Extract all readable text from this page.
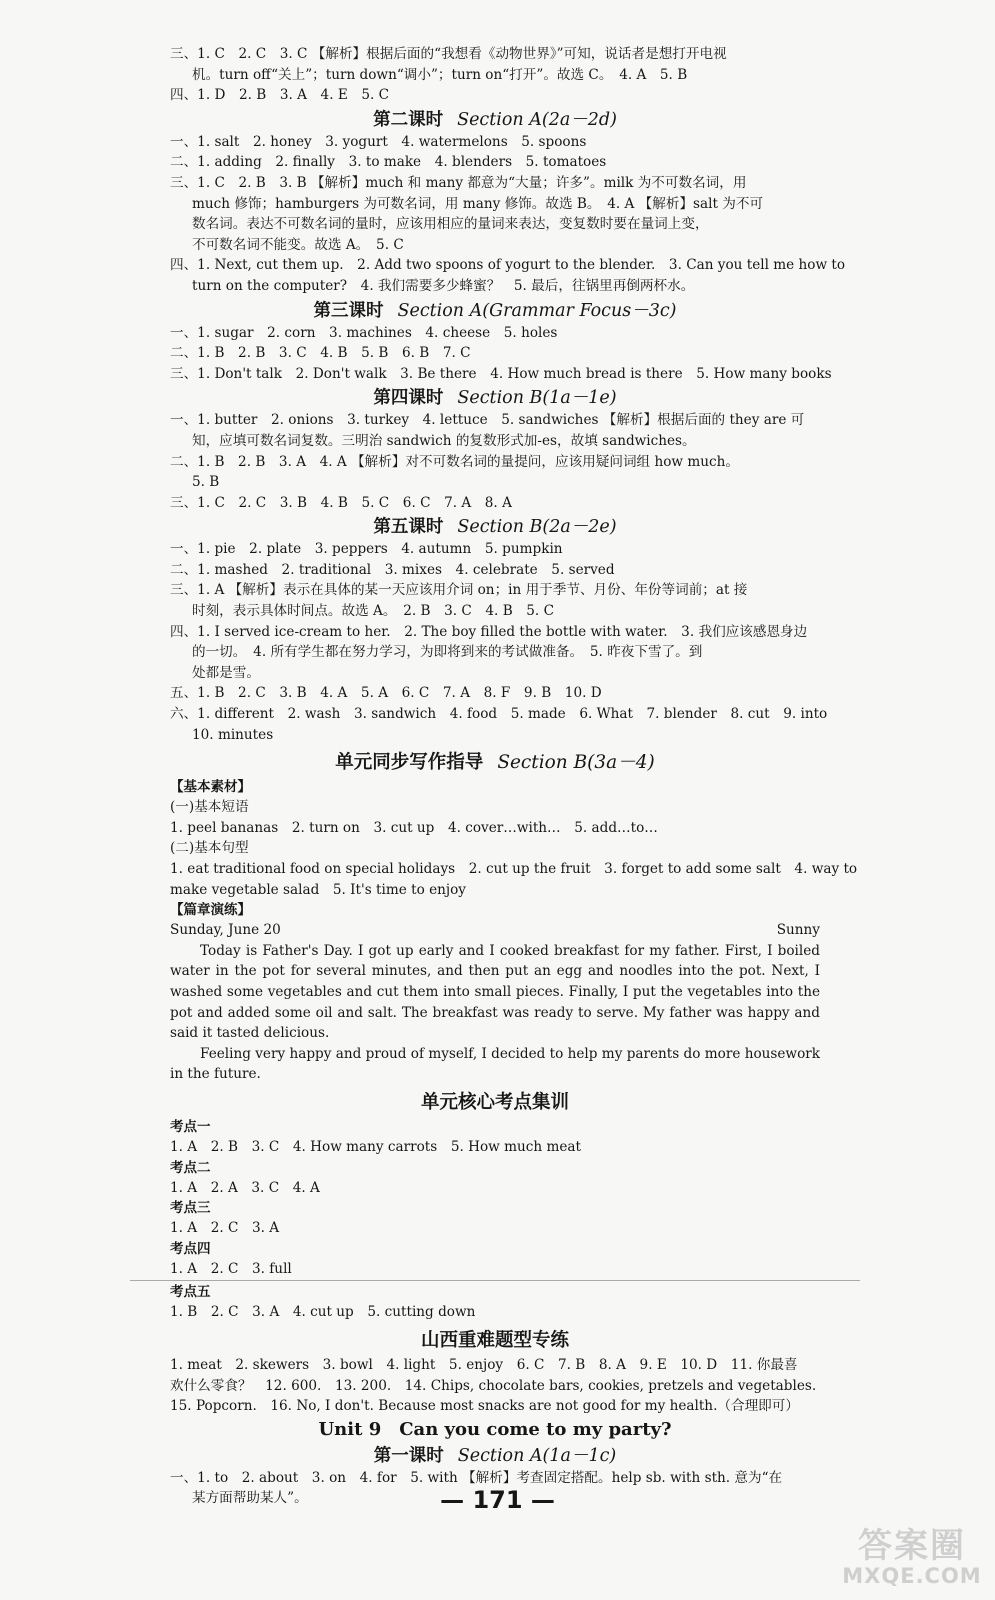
三、1. C　2. C　3. C 【解析】根据后面的“我想看《动物世界》”可知，说话者是想打开电视
机。turn off“关上”；turn down“调小”；turn on“打开”。故选 C。　4. A　5. B
四、1. D　2. B　3. A　4. E　5. C
第二课时 Section A(2a－2d)
一、1. salt　2. honey　3. yogurt　4. watermelons　5. spoons
二、1. adding　2. finally　3. to make　4. blenders　5. tomatoes
三、1. C　2. B　3. B 【解析】much 和 many 都意为“大量；许多”。milk 为不可数名词，用
much 修饰；hamburgers 为可数名词，用 many 修饰。故选 B。　4. A 【解析】salt 为不可
数名词。表达不可数名词的量时，应该用相应的量词来表达，变复数时要在量词上变，
不可数名词不能变。故选 A。　5. C
四、1. Next, cut them up.　2. Add two spoons of yogurt to the blender.　3. Can you tell me how to
turn on the computer?　4. 我们需要多少蜂蜜？　5. 最后，往锅里再倒两杯水。
第三课时 Section A(Grammar Focus－3c)
一、1. sugar　2. corn　3. machines　4. cheese　5. holes
二、1. B　2. B　3. C　4. B　5. B　6. B　7. C
三、1. Don't talk　2. Don't walk　3. Be there　4. How much bread is there　5. How many books
第四课时 Section B(1a－1e)
一、1. butter　2. onions　3. turkey　4. lettuce　5. sandwiches 【解析】根据后面的 they are 可
知，应填可数名词复数。三明治 sandwich 的复数形式加-es，故填 sandwiches。
二、1. B　2. B　3. A　4. A 【解析】对不可数名词的量提问，应该用疑问词组 how much。
5. B
三、1. C　2. C　3. B　4. B　5. C　6. C　7. A　8. A
第五课时 Section B(2a－2e)
一、1. pie　2. plate　3. peppers　4. autumn　5. pumpkin
二、1. mashed　2. traditional　3. mixes　4. celebrate　5. served
三、1. A 【解析】表示在具体的某一天应该用介词 on；in 用于季节、月份、年份等词前；at 接
时刻，表示具体时间点。故选 A。　2. B　3. C　4. B　5. C
四、1. I served ice-cream to her.　2. The boy filled the bottle with water.　3. 我们应该感恩身边
的一切。　4. 所有学生都在努力学习，为即将到来的考试做准备。　5. 昨夜下雪了。到
处都是雪。
五、1. B　2. C　3. B　4. A　5. A　6. C　7. A　8. F　9. B　10. D
六、1. different　2. wash　3. sandwich　4. food　5. made　6. What　7. blender　8. cut　9. into
10. minutes
单元同步写作指导 Section B(3a－4)
【基本素材】
(一)基本短语
1. peel bananas　2. turn on　3. cut up　4. cover…with…　5. add…to…
(二)基本句型
1. eat traditional food on special holidays　2. cut up the fruit　3. forget to add some salt　4. way to
make vegetable salad　5. It's time to enjoy
【篇章演练】
Sunday, June 20	Sunny
Today is Father's Day. I got up early and I cooked breakfast for my father. First, I boiled water in the pot for several minutes, and then put an egg and noodles into the pot. Next, I washed some vegetables and cut them into small pieces. Finally, I put the vegetables into the pot and added some oil and salt. The breakfast was ready to serve. My father was happy and said it tasted delicious.
Feeling very happy and proud of myself, I decided to help my parents do more housework in the future.
单元核心考点集训
考点一
1. A　2. B　3. C　4. How many carrots　5. How much meat
考点二
1. A　2. A　3. C　4. A
考点三
1. A　2. C　3. A
考点四
1. A　2. C　3. full
考点五
1. B　2. C　3. A　4. cut up　5. cutting down
山西重难题型专练
1. meat　2. skewers　3. bowl　4. light　5. enjoy　6. C　7. B　8. A　9. E　10. D　11. 你最喜
欢什么零食？　12. 600.　13. 200.　14. Chips, chocolate bars, cookies, pretzels and vegetables.
15. Popcorn.　16. No, I don't. Because most snacks are not good for my health.（合理即可）
Unit 9　Can you come to my party?
第一课时 Section A(1a－1c)
一、1. to　2. about　3. on　4. for　5. with 【解析】考查固定搭配。help sb. with sth. 意为“在
某方面帮助某人”。	— 171 —
答案圈
MXQE.COM
